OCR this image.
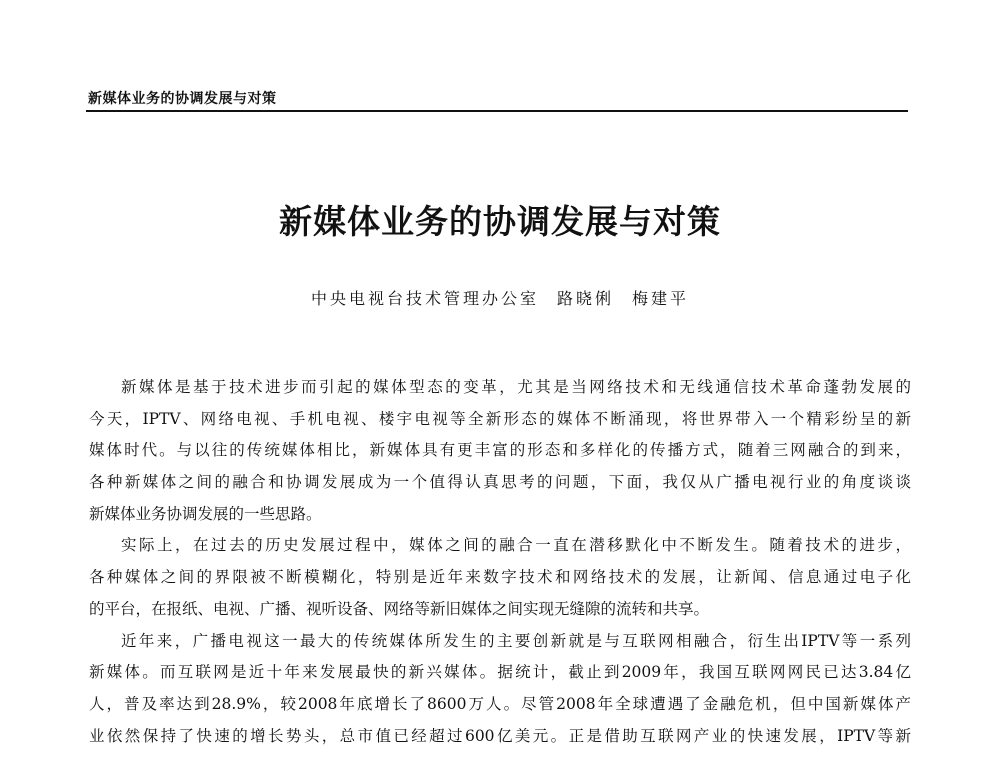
新媒体业务的协调发展与对策
新媒体业务的协调发展与对策
中央电视台技术管理办公室 路晓俐 梅建平
新媒体是基于技术进步而引起的媒体型态的变革，尤其是当网络技术和无线通信技术革命蓬勃发展的
今天，IPTV、网络电视、手机电视、楼宇电视等全新形态的媒体不断涌现，将世界带入一个精彩纷呈的新
媒体时代。与以往的传统媒体相比，新媒体具有更丰富的形态和多样化的传播方式，随着三网融合的到来，
各种新媒体之间的融合和协调发展成为一个值得认真思考的问题，下面，我仅从广播电视行业的角度谈谈
新媒体业务协调发展的一些思路。
实际上，在过去的历史发展过程中，媒体之间的融合一直在潜移默化中不断发生。随着技术的进步，
各种媒体之间的界限被不断模糊化，特别是近年来数字技术和网络技术的发展，让新闻、信息通过电子化
的平台，在报纸、电视、广播、视听设备、网络等新旧媒体之间实现无缝隙的流转和共享。
近年来，广播电视这一最大的传统媒体所发生的主要创新就是与互联网相融合，衍生出IPTV等一系列
新媒体。而互联网是近十年来发展最快的新兴媒体。据统计，截止到2009年，我国互联网网民已达3.84亿
人，普及率达到28.9%，较2008年底增长了8600万人。尽管2008年全球遭遇了金融危机，但中国新媒体产
业依然保持了快速的增长势头，总市值已经超过600亿美元。正是借助互联网产业的快速发展，IPTV等新
